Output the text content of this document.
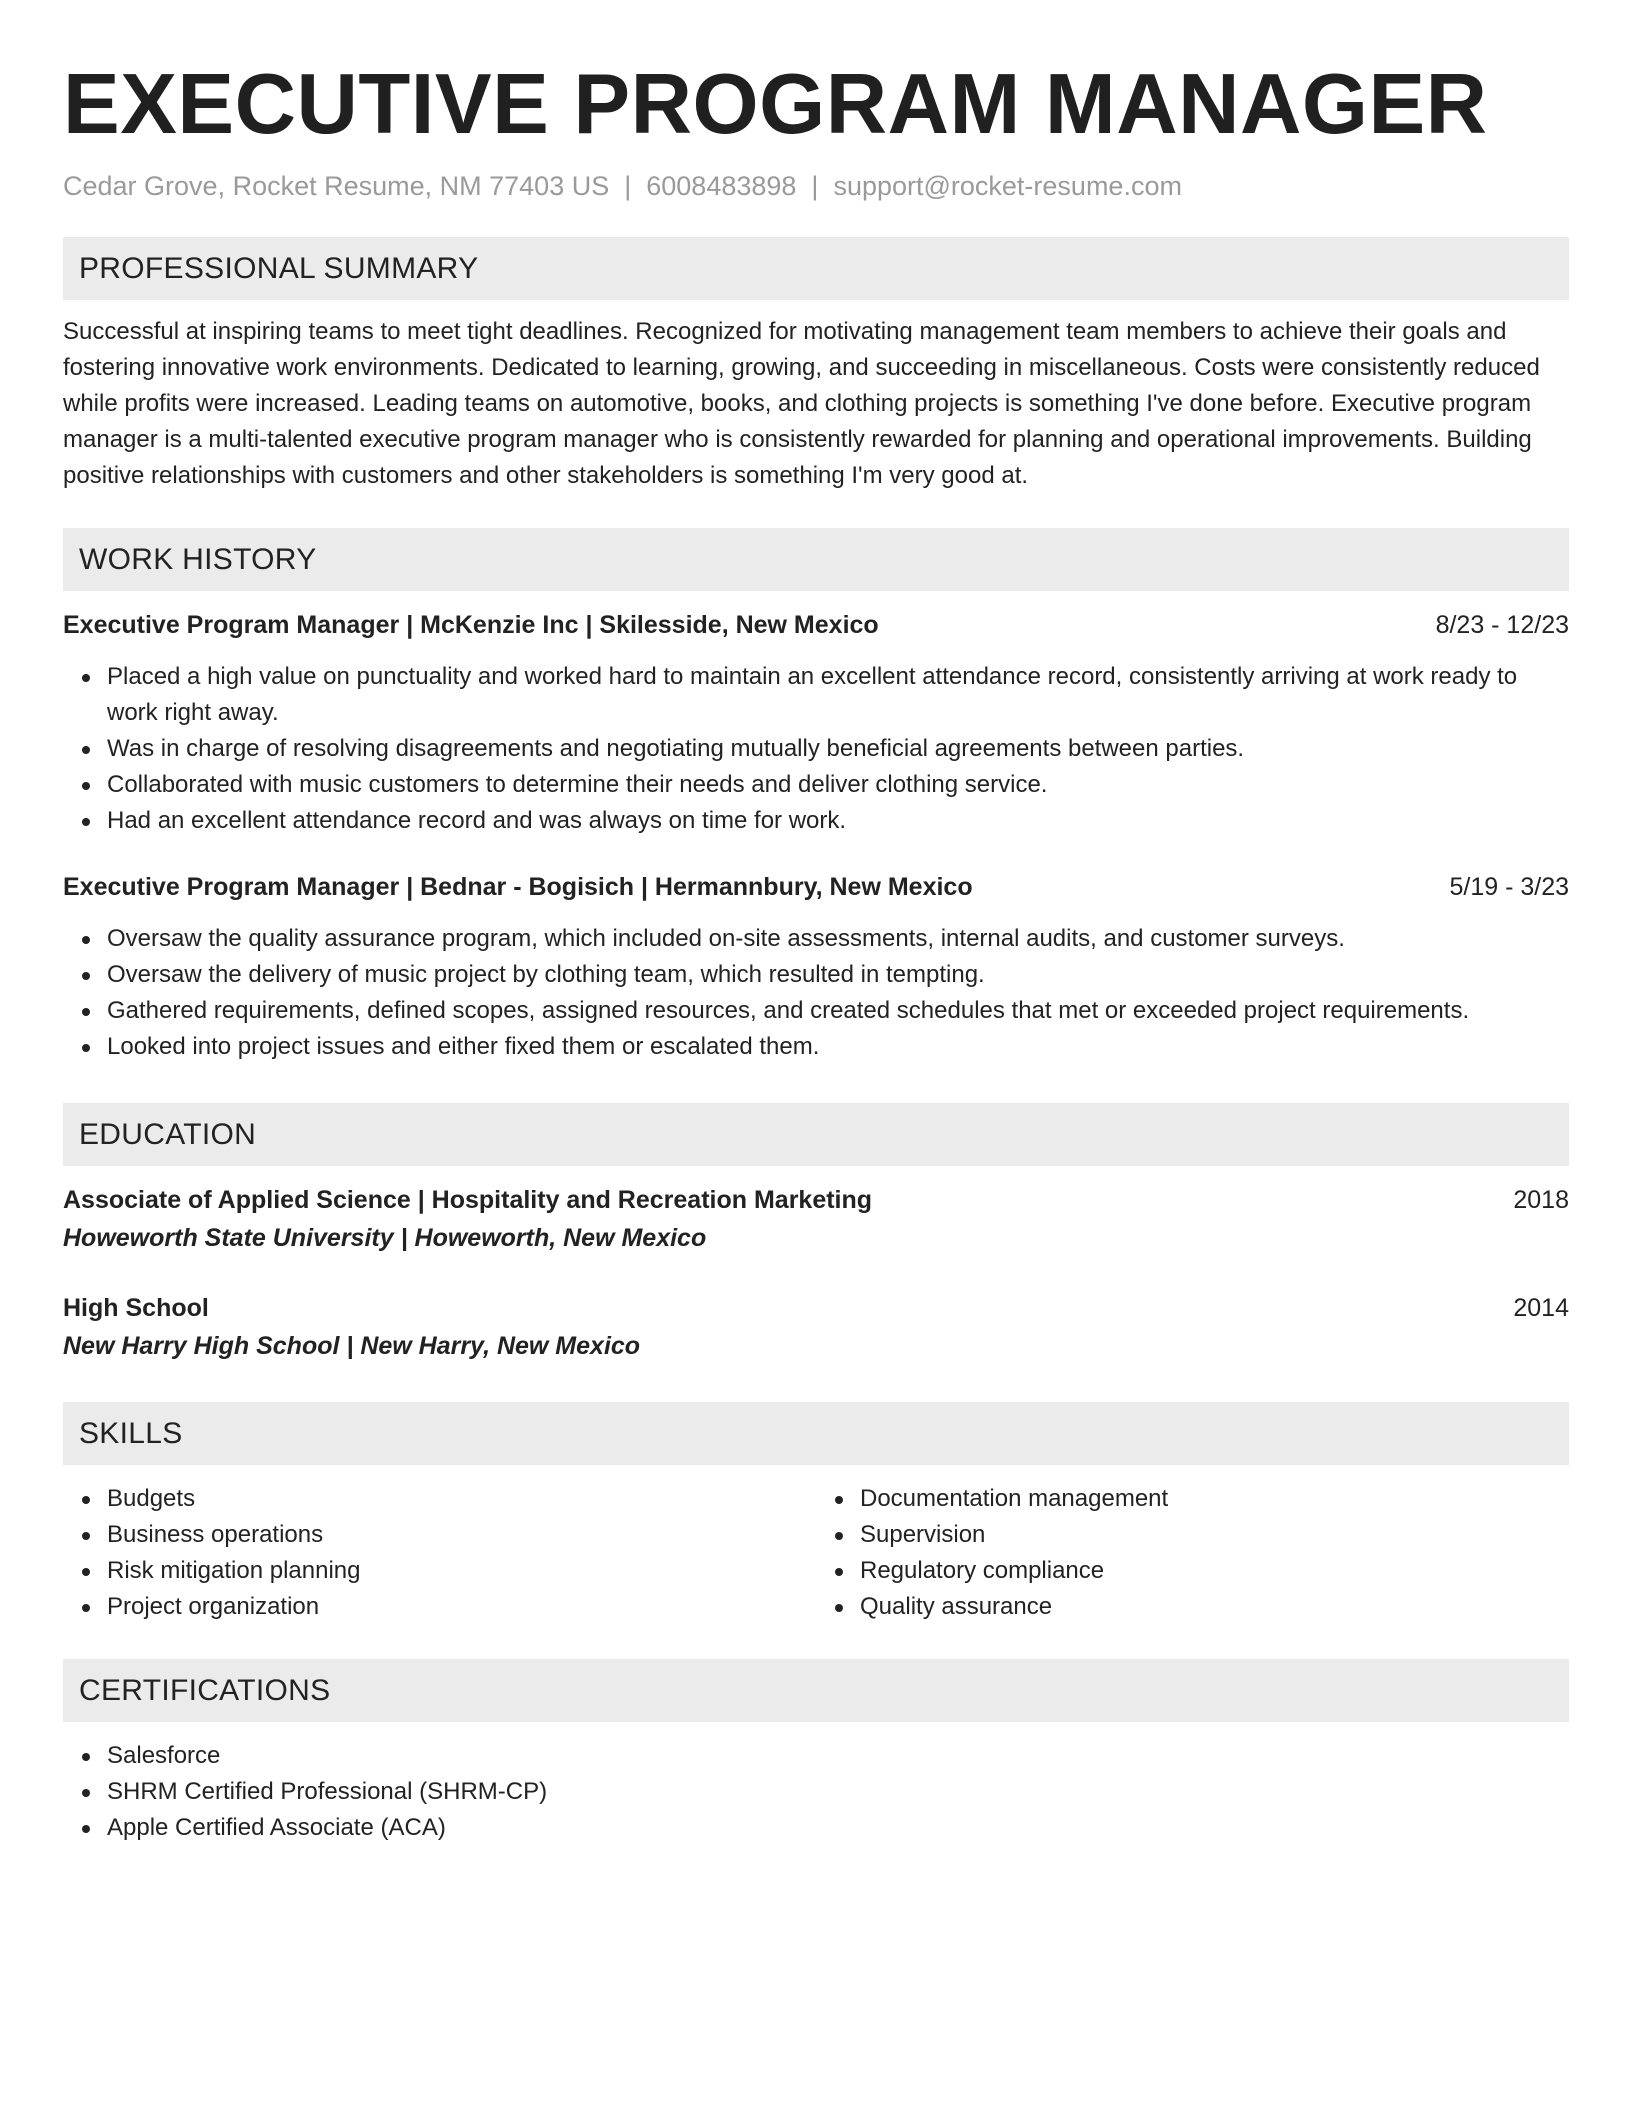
EXECUTIVE PROGRAM MANAGER
Cedar Grove, Rocket Resume, NM 77403 US | 6008483898 | support@rocket-resume.com
PROFESSIONAL SUMMARY

Successful at inspiring teams to meet tight deadlines. Recognized for motivating management team members to achieve their goals and fostering innovative work environments. Dedicated to learning, growing, and succeeding in miscellaneous. Costs were consistently reduced while profits were increased. Leading teams on automotive, books, and clothing projects is something I've done before. Executive program manager is a multi-talented executive program manager who is consistently rewarded for planning and operational improvements. Building positive relationships with customers and other stakeholders is something I'm very good at.

WORK HISTORY
Executive Program Manager | McKenzie Inc | Skilesside, New Mexico	8/23 - 12/23
Placed a high value on punctuality and worked hard to maintain an excellent attendance record, consistently arriving at work ready to work right away.
Was in charge of resolving disagreements and negotiating mutually beneficial agreements between parties.
Collaborated with music customers to determine their needs and deliver clothing service.
Had an excellent attendance record and was always on time for work.
Executive Program Manager | Bednar - Bogisich | Hermannbury, New Mexico	5/19 - 3/23
Oversaw the quality assurance program, which included on-site assessments, internal audits, and customer surveys.
Oversaw the delivery of music project by clothing team, which resulted in tempting.
Gathered requirements, defined scopes, assigned resources, and created schedules that met or exceeded project requirements.
Looked into project issues and either fixed them or escalated them.
EDUCATION
Associate of Applied Science | Hospitality and Recreation Marketing	2018
Howeworth State University | Howeworth, New Mexico
High School	2014
New Harry High School | New Harry, New Mexico
SKILLS
Budgets
Business operations
Risk mitigation planning
Project organization
Documentation management
Supervision
Regulatory compliance
Quality assurance
CERTIFICATIONS
Salesforce
SHRM Certified Professional (SHRM-CP)
Apple Certified Associate (ACA)
